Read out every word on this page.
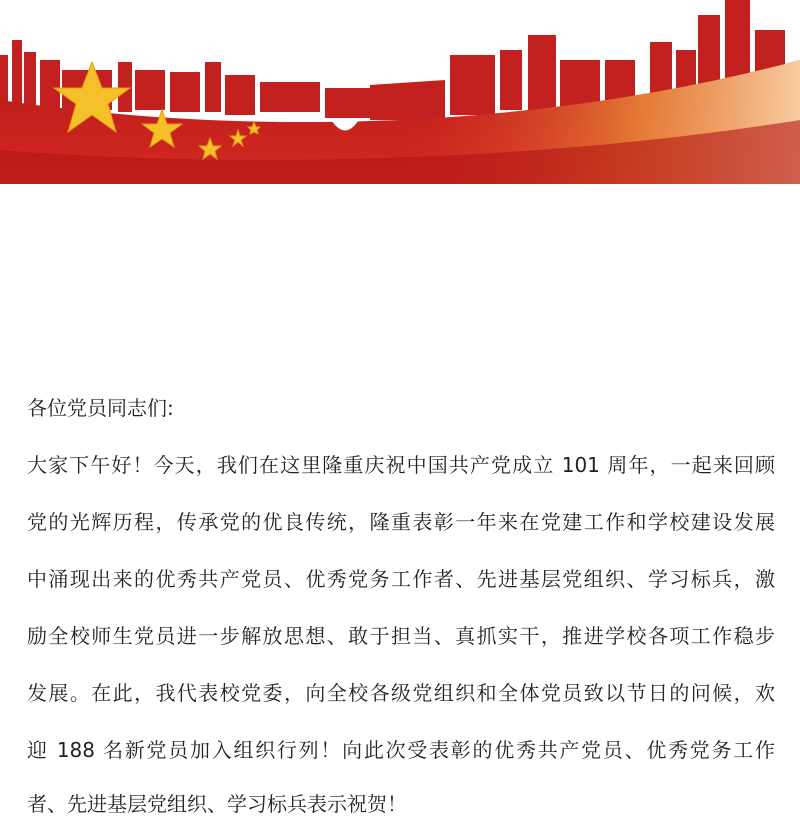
各位党员同志们:
大家下午好！今天，我们在这里隆重庆祝中国共产党成立 101 周年，一起来回顾
党的光辉历程，传承党的优良传统，隆重表彰一年来在党建工作和学校建设发展
中涌现出来的优秀共产党员、优秀党务工作者、先进基层党组织、学习标兵，激
励全校师生党员进一步解放思想、敢于担当、真抓实干，推进学校各项工作稳步
发展。在此，我代表校党委，向全校各级党组织和全体党员致以节日的问候，欢
迎 188 名新党员加入组织行列！向此次受表彰的优秀共产党员、优秀党务工作
者、先进基层党组织、学习标兵表示祝贺！
